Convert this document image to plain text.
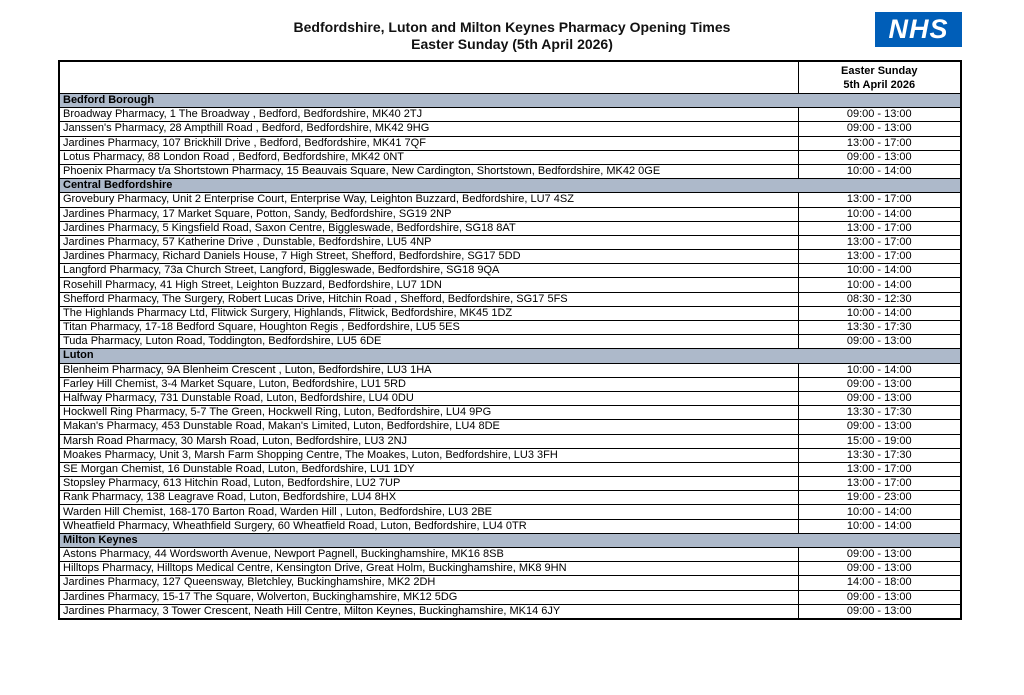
Bedfordshire, Luton and Milton Keynes Pharmacy Opening Times
Easter Sunday (5th April 2026)	NHS

	Easter Sunday
5th April 2026

Bedford Borough	
Broadway Pharmacy, 1 The Broadway , Bedford, Bedfordshire, MK40 2TJ	09:00 - 13:00
Janssen's Pharmacy, 28 Ampthill Road , Bedford, Bedfordshire, MK42 9HG	09:00 - 13:00
Jardines Pharmacy, 107 Brickhill Drive , Bedford, Bedfordshire, MK41 7QF	13:00 - 17:00
Lotus Pharmacy, 88 London Road , Bedford, Bedfordshire, MK42 0NT	09:00 - 13:00
Phoenix Pharmacy t/a Shortstown Pharmacy, 15 Beauvais Square, New Cardington, Shortstown, Bedfordshire, MK42 0GE	10:00 - 14:00
Central Bedfordshire	
Grovebury Pharmacy, Unit 2 Enterprise Court, Enterprise Way, Leighton Buzzard, Bedfordshire, LU7 4SZ	13:00 - 17:00
Jardines Pharmacy, 17 Market Square, Potton, Sandy, Bedfordshire, SG19 2NP	10:00 - 14:00
Jardines Pharmacy, 5 Kingsfield Road, Saxon Centre, Biggleswade, Bedfordshire, SG18 8AT	13:00 - 17:00
Jardines Pharmacy, 57 Katherine Drive , Dunstable, Bedfordshire, LU5 4NP	13:00 - 17:00
Jardines Pharmacy, Richard Daniels House, 7 High Street, Shefford, Bedfordshire, SG17 5DD	13:00 - 17:00
Langford Pharmacy, 73a Church Street, Langford, Biggleswade, Bedfordshire, SG18 9QA	10:00 - 14:00
Rosehill Pharmacy, 41 High Street, Leighton Buzzard, Bedfordshire, LU7 1DN	10:00 - 14:00
Shefford Pharmacy, The Surgery, Robert Lucas Drive, Hitchin Road , Shefford, Bedfordshire, SG17 5FS	08:30 - 12:30
The Highlands Pharmacy Ltd, Flitwick Surgery, Highlands, Flitwick, Bedfordshire, MK45 1DZ	10:00 - 14:00
Titan Pharmacy, 17-18 Bedford Square, Houghton Regis , Bedfordshire, LU5 5ES	13:30 - 17:30
Tuda Pharmacy, Luton Road, Toddington, Bedfordshire, LU5 6DE	09:00 - 13:00
Luton	
Blenheim Pharmacy, 9A Blenheim Crescent , Luton, Bedfordshire, LU3 1HA	10:00 - 14:00
Farley Hill Chemist, 3-4 Market Square, Luton, Bedfordshire, LU1 5RD	09:00 - 13:00
Halfway Pharmacy, 731 Dunstable Road, Luton, Bedfordshire, LU4 0DU	09:00 - 13:00
Hockwell Ring Pharmacy, 5-7 The Green, Hockwell Ring, Luton, Bedfordshire, LU4 9PG	13:30 - 17:30
Makan's Pharmacy, 453 Dunstable Road, Makan's Limited, Luton, Bedfordshire, LU4 8DE	09:00 - 13:00
Marsh Road Pharmacy, 30 Marsh Road, Luton, Bedfordshire, LU3 2NJ	15:00 - 19:00
Moakes Pharmacy, Unit 3, Marsh Farm Shopping Centre, The Moakes, Luton, Bedfordshire, LU3 3FH	13:30 - 17:30
SE Morgan Chemist, 16 Dunstable Road, Luton, Bedfordshire, LU1 1DY	13:00 - 17:00
Stopsley Pharmacy, 613 Hitchin Road, Luton, Bedfordshire, LU2 7UP	13:00 - 17:00
Rank Pharmacy, 138 Leagrave Road, Luton, Bedfordshire, LU4 8HX	19:00 - 23:00
Warden Hill Chemist, 168-170 Barton Road, Warden Hill , Luton, Bedfordshire, LU3 2BE	10:00 - 14:00
Wheatfield Pharmacy, Wheathfield Surgery, 60 Wheatfield Road, Luton, Bedfordshire, LU4 0TR	10:00 - 14:00
Milton Keynes	
Astons Pharmacy, 44 Wordsworth Avenue, Newport Pagnell, Buckinghamshire, MK16 8SB	09:00 - 13:00
Hilltops Pharmacy, Hilltops Medical Centre, Kensington Drive, Great Holm, Buckinghamshire, MK8 9HN	09:00 - 13:00
Jardines Pharmacy, 127 Queensway, Bletchley, Buckinghamshire, MK2 2DH	14:00 - 18:00
Jardines Pharmacy, 15-17 The Square, Wolverton, Buckinghamshire, MK12 5DG	09:00 - 13:00
Jardines Pharmacy, 3 Tower Crescent, Neath Hill Centre, Milton Keynes, Buckinghamshire, MK14 6JY	09:00 - 13:00
